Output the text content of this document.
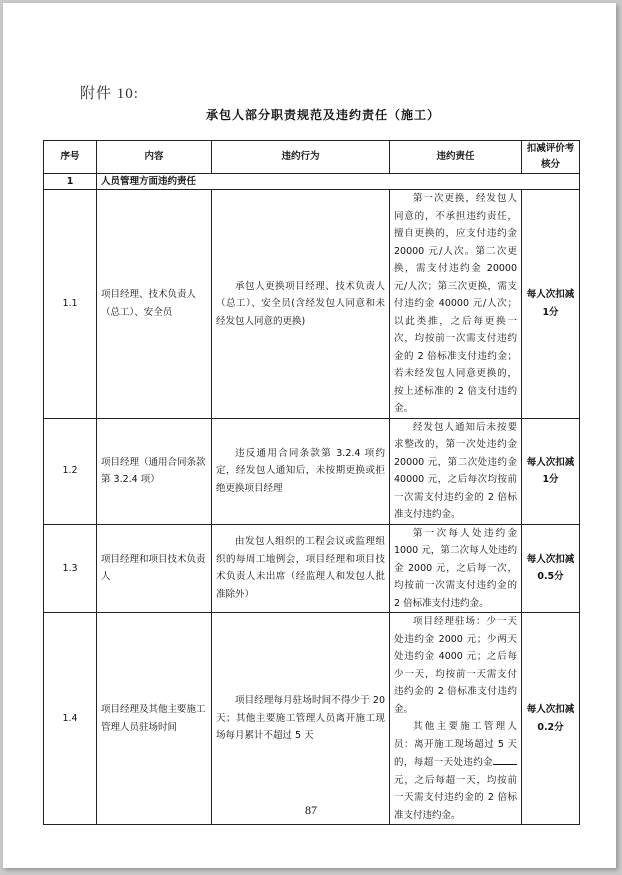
附件 10:
承包人部分职责规范及违约责任（施工）
序号	内容	违约行为	违约责任	扣减评价考核分
1	人员管理方面违约责任			
1.1	项目经理、技术负责人（总工）、安全员	承包人更换项目经理、技术负责人（总工）、安全员(含经发包人同意和未经发包人同意的更换)	第一次更换，经发包人同意的，不承担违约责任，擅自更换的，应支付违约金20000 元/人次。第二次更换，需支付违约金 20000 元/人次；第三次更换，需支付违约金 40000 元/人次；以此类推，之后每更换一次，均按前一次需支付违约金的 2 倍标准支付违约金；若未经发包人同意更换的，按上述标准的 2 倍支付违约金。	每人次扣减1分
1.2	项目经理（通用合同条款第 3.2.4 项）	违反通用合同条款第 3.2.4 项约定，经发包人通知后，未按期更换或拒绝更换项目经理	经发包人通知后未按要求整改的，第一次处违约金20000 元，第二次处违约金40000 元，之后每次均按前一次需支付违约金的 2 倍标准支付违约金。	每人次扣减1分
1.3	项目经理和项目技术负责人	由发包人组织的工程会议或监理组织的每周工地例会，项目经理和项目技术负责人未出席（经监理人和发包人批准除外）	第一次每人处违约金1000 元，第二次每人处违约金 2000 元，之后每一次，均按前一次需支付违约金的 2 倍标准支付违约金。	每人次扣减0.5分
1.4	项目经理及其他主要施工管理人员驻场时间	项目经理每月驻场时间不得少于 20 天；其他主要施工管理人员离开施工现场每月累计不超过 5 天	项目经理驻场：少一天处违约金 2000 元；少两天处违约金 4000 元；之后每少一天，均按前一天需支付违约金的 2 倍标准支付违约金。
其他主要施工管理人员：离开施工现场超过 5 天的，每超一天处违约金元，之后每超一天，均按前一天需支付违约金的 2 倍标准支付违约金。	每人次扣减0.2分
87
